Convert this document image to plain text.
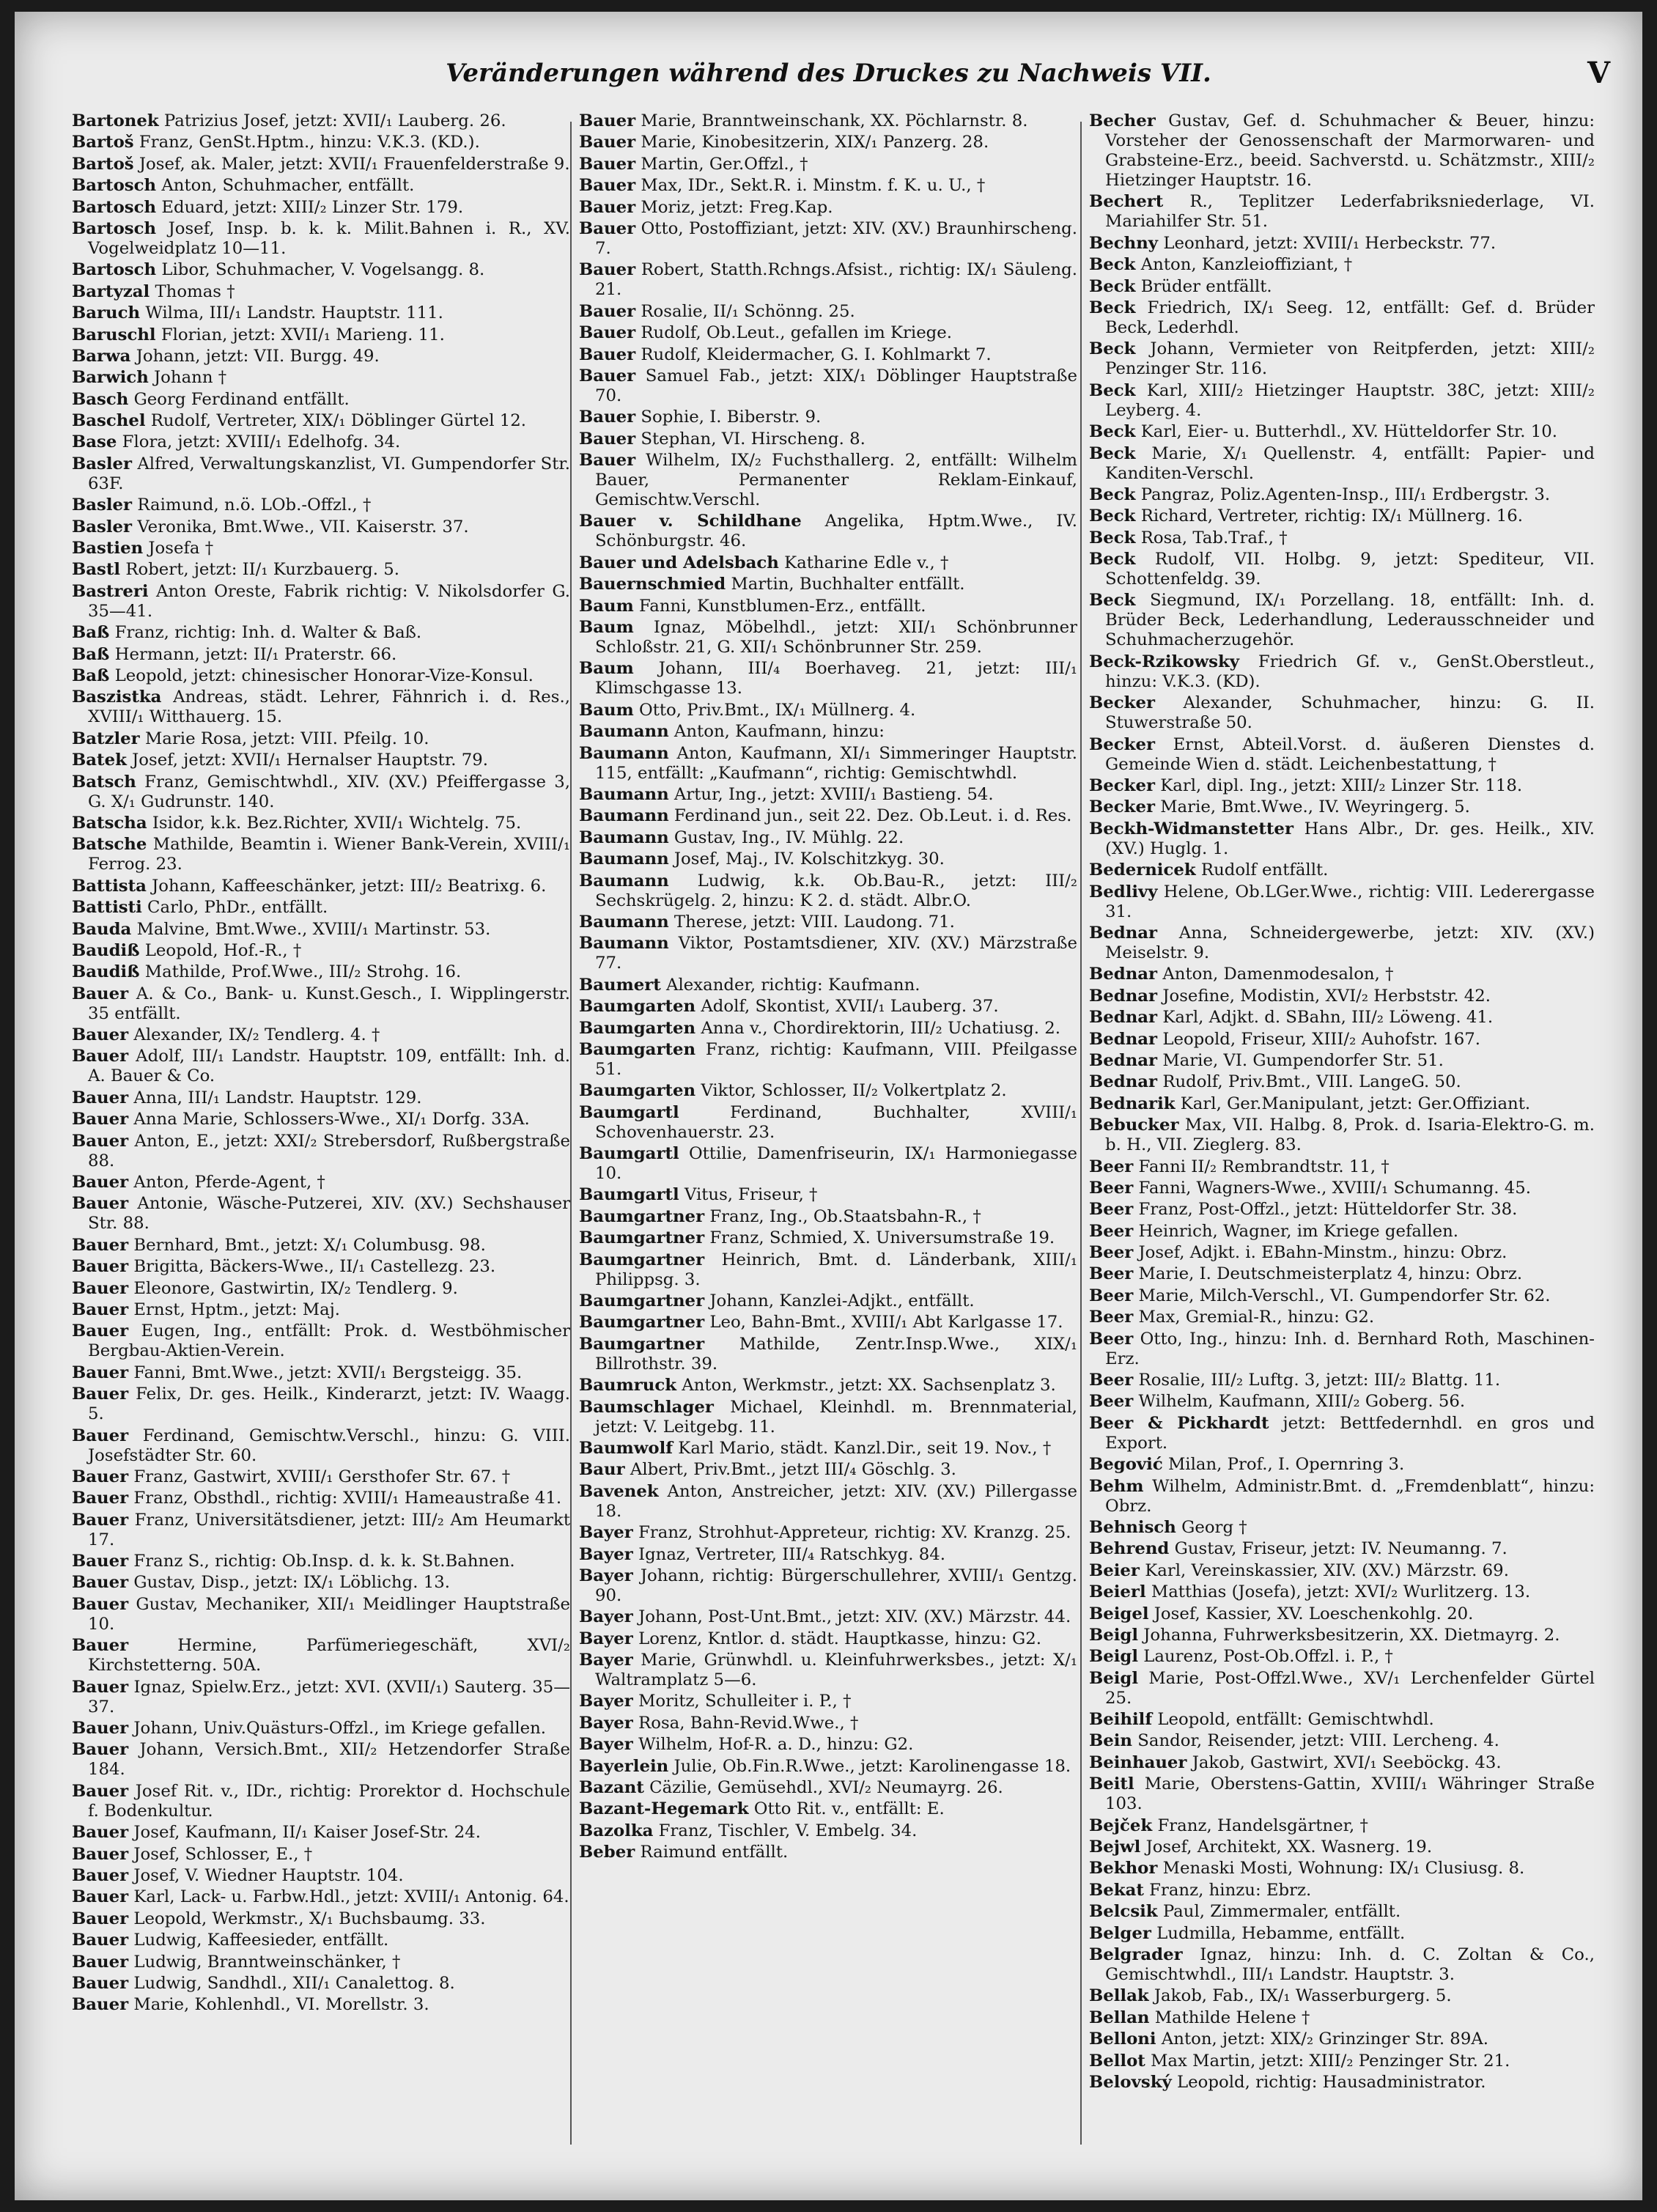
Veränderungen während des Druckes zu Nachweis VII.	V
Bartonek Patrizius Josef, jetzt: XVII/₁ Lauberg. 26.
Bartoš Franz, GenSt.Hptm., hinzu: V.K.3. (KD.).
Bartoš Josef, ak. Maler, jetzt: XVII/₁ Frauenfelderstraße 9.
Bartosch Anton, Schuhmacher, entfällt.
Bartosch Eduard, jetzt: XIII/₂ Linzer Str. 179.
Bartosch Josef, Insp. b. k. k. Milit.Bahnen i. R., XV. Vogelweidplatz 10—11.
Bartosch Libor, Schuhmacher, V. Vogelsangg. 8.
Bartyzal Thomas †
Baruch Wilma, III/₁ Landstr. Hauptstr. 111.
Baruschl Florian, jetzt: XVII/₁ Marieng. 11.
Barwa Johann, jetzt: VII. Burgg. 49.
Barwich Johann †
Basch Georg Ferdinand entfällt.
Baschel Rudolf, Vertreter, XIX/₁ Döblinger Gürtel 12.
Base Flora, jetzt: XVIII/₁ Edelhofg. 34.
Basler Alfred, Verwaltungskanzlist, VI. Gumpendorfer Str. 63F.
Basler Raimund, n.ö. LOb.-Offzl., †
Basler Veronika, Bmt.Wwe., VII. Kaiserstr. 37.
Bastien Josefa †
Bastl Robert, jetzt: II/₁ Kurzbauerg. 5.
Bastreri Anton Oreste, Fabrik richtig: V. Nikolsdorfer G. 35—41.
Baß Franz, richtig: Inh. d. Walter & Baß.
Baß Hermann, jetzt: II/₁ Praterstr. 66.
Baß Leopold, jetzt: chinesischer Honorar-Vize-Konsul.
Baszistka Andreas, städt. Lehrer, Fähnrich i. d. Res., XVIII/₁ Witthauerg. 15.
Batzler Marie Rosa, jetzt: VIII. Pfeilg. 10.
Batek Josef, jetzt: XVII/₁ Hernalser Hauptstr. 79.
Batsch Franz, Gemischtwhdl., XIV. (XV.) Pfeiffergasse 3, G. X/₁ Gudrunstr. 140.
Batscha Isidor, k.k. Bez.Richter, XVII/₁ Wichtelg. 75.
Batsche Mathilde, Beamtin i. Wiener Bank-Verein, XVIII/₁ Ferrog. 23.
Battista Johann, Kaffeeschänker, jetzt: III/₂ Beatrixg. 6.
Battisti Carlo, PhDr., entfällt.
Bauda Malvine, Bmt.Wwe., XVIII/₁ Martinstr. 53.
Baudiß Leopold, Hof.-R., †
Baudiß Mathilde, Prof.Wwe., III/₂ Strohg. 16.
Bauer A. & Co., Bank- u. Kunst.Gesch., I. Wipplingerstr. 35 entfällt.
Bauer Alexander, IX/₂ Tendlerg. 4. †
Bauer Adolf, III/₁ Landstr. Hauptstr. 109, entfällt: Inh. d. A. Bauer & Co.
Bauer Anna, III/₁ Landstr. Hauptstr. 129.
Bauer Anna Marie, Schlossers-Wwe., XI/₁ Dorfg. 33A.
Bauer Anton, E., jetzt: XXI/₂ Strebersdorf, Rußbergstraße 88.
Bauer Anton, Pferde-Agent, †
Bauer Antonie, Wäsche-Putzerei, XIV. (XV.) Sechshauser Str. 88.
Bauer Bernhard, Bmt., jetzt: X/₁ Columbusg. 98.
Bauer Brigitta, Bäckers-Wwe., II/₁ Castellezg. 23.
Bauer Eleonore, Gastwirtin, IX/₂ Tendlerg. 9.
Bauer Ernst, Hptm., jetzt: Maj.
Bauer Eugen, Ing., entfällt: Prok. d. Westböhmischer Bergbau-Aktien-Verein.
Bauer Fanni, Bmt.Wwe., jetzt: XVII/₁ Bergsteigg. 35.
Bauer Felix, Dr. ges. Heilk., Kinderarzt, jetzt: IV. Waagg. 5.
Bauer Ferdinand, Gemischtw.Verschl., hinzu: G. VIII. Josefstädter Str. 60.
Bauer Franz, Gastwirt, XVIII/₁ Gersthofer Str. 67. †
Bauer Franz, Obsthdl., richtig: XVIII/₁ Hameaustraße 41.
Bauer Franz, Universitätsdiener, jetzt: III/₂ Am Heumarkt 17.
Bauer Franz S., richtig: Ob.Insp. d. k. k. St.Bahnen.
Bauer Gustav, Disp., jetzt: IX/₁ Löblichg. 13.
Bauer Gustav, Mechaniker, XII/₁ Meidlinger Hauptstraße 10.
Bauer	Hermine, Parfümeriegeschäft, XVI/₂ Kirchstetterng. 50A.
Bauer Ignaz, Spielw.Erz., jetzt: XVI. (XVII/₁) Sauterg. 35—37.
Bauer Johann, Univ.Quästurs-Offzl., im Kriege gefallen.
Bauer Johann, Versich.Bmt., XII/₂ Hetzendorfer Straße 184.
Bauer Josef Rit. v., IDr., richtig: Prorektor d. Hochschule f. Bodenkultur.
Bauer Josef, Kaufmann, II/₁ Kaiser Josef-Str. 24.
Bauer Josef, Schlosser, E., †
Bauer Josef, V. Wiedner Hauptstr. 104.
Bauer Karl, Lack- u. Farbw.Hdl., jetzt: XVIII/₁ Antonig. 64.
Bauer Leopold, Werkmstr., X/₁ Buchsbaumg. 33.
Bauer Ludwig, Kaffeesieder, entfällt.
Bauer Ludwig, Branntweinschänker, †
Bauer Ludwig, Sandhdl., XII/₁ Canalettog. 8.
Bauer Marie, Kohlenhdl., VI. Morellstr. 3.
Bauer Marie, Branntweinschank, XX. Pöchlarnstr. 8.
Bauer Marie, Kinobesitzerin, XIX/₁ Panzerg. 28.
Bauer Martin, Ger.Offzl., †
Bauer Max, IDr., Sekt.R. i. Minstm. f. K. u. U., †
Bauer Moriz, jetzt: Freg.Kap.
Bauer Otto, Postoffiziant, jetzt: XIV. (XV.) Braunhirscheng. 7.
Bauer Robert, Statth.Rchngs.Afsist., richtig: IX/₁ Säuleng. 21.
Bauer Rosalie, II/₁ Schönng. 25.
Bauer Rudolf, Ob.Leut., gefallen im Kriege.
Bauer Rudolf, Kleidermacher, G. I. Kohlmarkt 7.
Bauer Samuel Fab., jetzt: XIX/₁ Döblinger Hauptstraße 70.
Bauer Sophie, I. Biberstr. 9.
Bauer Stephan, VI. Hirscheng. 8.
Bauer Wilhelm, IX/₂ Fuchsthallerg. 2, entfällt: Wilhelm Bauer, Permanenter Reklam-Einkauf, Gemischtw.Verschl.
Bauer v. Schildhane Angelika, Hptm.Wwe., IV. Schönburgstr. 46.
Bauer und Adelsbach Katharine Edle v., †
Bauernschmied Martin, Buchhalter entfällt.
Baum Fanni, Kunstblumen-Erz., entfällt.
Baum Ignaz, Möbelhdl., jetzt: XII/₁ Schönbrunner Schloßstr. 21, G. XII/₁ Schönbrunner Str. 259.
Baum Johann, III/₄ Boerhaveg. 21, jetzt: III/₁ Klimschgasse 13.
Baum Otto, Priv.Bmt., IX/₁ Müllnerg. 4.
Baumann Anton, Kaufmann, hinzu:
Baumann Anton, Kaufmann, XI/₁ Simmeringer Hauptstr. 115, entfällt: „Kaufmann“, richtig: Gemischtwhdl.
Baumann Artur, Ing., jetzt: XVIII/₁ Bastieng. 54.
Baumann Ferdinand jun., seit 22. Dez. Ob.Leut. i. d. Res.
Baumann Gustav, Ing., IV. Mühlg. 22.
Baumann Josef, Maj., IV. Kolschitzkyg. 30.
Baumann Ludwig, k.k. Ob.Bau-R., jetzt: III/₂ Sechskrügelg. 2, hinzu: K 2. d. städt. Albr.O.
Baumann Therese, jetzt: VIII. Laudong. 71.
Baumann Viktor, Postamtsdiener, XIV. (XV.) Märzstraße 77.
Baumert Alexander, richtig: Kaufmann.
Baumgarten Adolf, Skontist, XVII/₁ Lauberg. 37.
Baumgarten Anna v., Chordirektorin, III/₂ Uchatiusg. 2.
Baumgarten Franz, richtig: Kaufmann, VIII. Pfeilgasse 51.
Baumgarten Viktor, Schlosser, II/₂ Volkertplatz 2.
Baumgartl	Ferdinand, Buchhalter, XVIII/₁ Schovenhauerstr. 23.
Baumgartl Ottilie, Damenfriseurin, IX/₁ Harmoniegasse 10.
Baumgartl Vitus, Friseur, †
Baumgartner Franz, Ing., Ob.Staatsbahn-R., †
Baumgartner Franz, Schmied, X. Universumstraße 19.
Baumgartner Heinrich, Bmt. d. Länderbank, XIII/₁ Philippsg. 3.
Baumgartner Johann, Kanzlei-Adjkt., entfällt.
Baumgartner Leo, Bahn-Bmt., XVIII/₁ Abt Karlgasse 17.
Baumgartner Mathilde, Zentr.Insp.Wwe., XIX/₁ Billrothstr. 39.
Baumruck Anton, Werkmstr., jetzt: XX. Sachsenplatz 3.
Baumschlager Michael, Kleinhdl. m. Brennmaterial, jetzt: V. Leitgebg. 11.
Baumwolf Karl Mario, städt. Kanzl.Dir., seit 19. Nov., †
Baur Albert, Priv.Bmt., jetzt III/₄ Göschlg. 3.
Bavenek Anton, Anstreicher, jetzt: XIV. (XV.) Pillergasse 18.
Bayer Franz, Strohhut-Appreteur, richtig: XV. Kranzg. 25.
Bayer Ignaz, Vertreter, III/₄ Ratschkyg. 84.
Bayer Johann, richtig: Bürgerschullehrer, XVIII/₁ Gentzg. 90.
Bayer Johann, Post-Unt.Bmt., jetzt: XIV. (XV.) Märzstr. 44.
Bayer Lorenz, Kntlor. d. städt. Hauptkasse, hinzu: G2.
Bayer Marie, Grünwhdl. u. Kleinfuhrwerksbes., jetzt: X/₁ Waltramplatz 5—6.
Bayer Moritz, Schulleiter i. P., †
Bayer Rosa, Bahn-Revid.Wwe., †
Bayer Wilhelm, Hof-R. a. D., hinzu: G2.
Bayerlein Julie, Ob.Fin.R.Wwe., jetzt: Karolinengasse 18.
Bazant Cäzilie, Gemüsehdl., XVI/₂ Neumayrg. 26.
Bazant-Hegemark Otto Rit. v., entfällt: E.
Bazolka Franz, Tischler, V. Embelg. 34.
Beber Raimund entfällt.
Becher Gustav, Gef. d. Schuhmacher & Beuer, hinzu: Vorsteher der Genossenschaft der Marmorwaren- und Grabsteine-Erz., beeid. Sachverstd. u. Schätzmstr., XIII/₂ Hietzinger Hauptstr. 16.
Bechert R., Teplitzer Lederfabriksniederlage, VI. Mariahilfer Str. 51.
Bechny Leonhard, jetzt: XVIII/₁ Herbeckstr. 77.
Beck Anton, Kanzleioffiziant, †
Beck Brüder entfällt.
Beck Friedrich, IX/₁ Seeg. 12, entfällt: Gef. d. Brüder Beck, Lederhdl.
Beck Johann, Vermieter von Reitpferden, jetzt: XIII/₂ Penzinger Str. 116.
Beck Karl, XIII/₂ Hietzinger Hauptstr. 38C, jetzt: XIII/₂ Leyberg. 4.
Beck Karl, Eier- u. Butterhdl., XV. Hütteldorfer Str. 10.
Beck Marie, X/₁ Quellenstr. 4, entfällt: Papier- und Kanditen-Verschl.
Beck Pangraz, Poliz.Agenten-Insp., III/₁ Erdbergstr. 3.
Beck Richard, Vertreter, richtig: IX/₁ Müllnerg. 16.
Beck Rosa, Tab.Traf., †
Beck Rudolf, VII. Holbg. 9, jetzt: Spediteur, VII. Schottenfeldg. 39.
Beck Siegmund, IX/₁ Porzellang. 18, entfällt: Inh. d. Brüder Beck, Lederhandlung, Lederausschneider und Schuhmacherzugehör.
Beck-Rzikowsky Friedrich Gf. v., GenSt.Oberstleut., hinzu: V.K.3. (KD).
Becker Alexander, Schuhmacher, hinzu: G. II. Stuwerstraße 50.
Becker Ernst, Abteil.Vorst. d. äußeren Dienstes d. Gemeinde Wien d. städt. Leichenbestattung, †
Becker Karl, dipl. Ing., jetzt: XIII/₂ Linzer Str. 118.
Becker Marie, Bmt.Wwe., IV. Weyringerg. 5.
Beckh-Widmanstetter Hans Albr., Dr. ges. Heilk., XIV. (XV.) Huglg. 1.
Bedernicek Rudolf entfällt.
Bedlivy Helene, Ob.LGer.Wwe., richtig: VIII. Lederergasse 31.
Bednar Anna, Schneidergewerbe, jetzt: XIV. (XV.) Meiselstr. 9.
Bednar Anton, Damenmodesalon, †
Bednar Josefine, Modistin, XVI/₂ Herbststr. 42.
Bednar Karl, Adjkt. d. SBahn, III/₂ Löweng. 41.
Bednar Leopold, Friseur, XIII/₂ Auhofstr. 167.
Bednar Marie, VI. Gumpendorfer Str. 51.
Bednar Rudolf, Priv.Bmt., VIII. LangeG. 50.
Bednarik Karl, Ger.Manipulant, jetzt: Ger.Offiziant.
Bebucker Max, VII. Halbg. 8, Prok. d. Isaria-Elektro-G. m. b. H., VII. Zieglerg. 83.
Beer Fanni II/₂ Rembrandtstr. 11, †
Beer Fanni, Wagners-Wwe., XVIII/₁ Schumanng. 45.
Beer Franz, Post-Offzl., jetzt: Hütteldorfer Str. 38.
Beer Heinrich, Wagner, im Kriege gefallen.
Beer Josef, Adjkt. i. EBahn-Minstm., hinzu: Obrz.
Beer Marie, I. Deutschmeisterplatz 4, hinzu: Obrz.
Beer Marie, Milch-Verschl., VI. Gumpendorfer Str. 62.
Beer Max, Gremial-R., hinzu: G2.
Beer Otto, Ing., hinzu: Inh. d. Bernhard Roth, Maschinen-Erz.
Beer Rosalie, III/₂ Luftg. 3, jetzt: III/₂ Blattg. 11.
Beer Wilhelm, Kaufmann, XIII/₂ Goberg. 56.
Beer & Pickhardt jetzt: Bettfedernhdl. en gros und Export.
Begović Milan, Prof., I. Opernring 3.
Behm Wilhelm, Administr.Bmt. d. „Fremdenblatt“, hinzu: Obrz.
Behnisch Georg †
Behrend Gustav, Friseur, jetzt: IV. Neumanng. 7.
Beier Karl, Vereinskassier, XIV. (XV.) Märzstr. 69.
Beierl Matthias (Josefa), jetzt: XVI/₂ Wurlitzerg. 13.
Beigel Josef, Kassier, XV. Loeschenkohlg. 20.
Beigl Johanna, Fuhrwerksbesitzerin, XX. Dietmayrg. 2.
Beigl Laurenz, Post-Ob.Offzl. i. P., †
Beigl Marie, Post-Offzl.Wwe., XV/₁ Lerchenfelder Gürtel 25.
Beihilf Leopold, entfällt: Gemischtwhdl.
Bein Sandor, Reisender, jetzt: VIII. Lercheng. 4.
Beinhauer Jakob, Gastwirt, XVI/₁ Seeböckg. 43.
Beitl Marie, Oberstens-Gattin, XVIII/₁ Währinger Straße 103.
Bejček Franz, Handelsgärtner, †
Bejwl Josef, Architekt, XX. Wasnerg. 19.
Bekhor Menaski Mosti, Wohnung: IX/₁ Clusiusg. 8.
Bekat Franz, hinzu: Ebrz.
Belcsik Paul, Zimmermaler, entfällt.
Belger Ludmilla, Hebamme, entfällt.
Belgrader Ignaz, hinzu: Inh. d. C. Zoltan & Co., Gemischtwhdl., III/₁ Landstr. Hauptstr. 3.
Bellak Jakob, Fab., IX/₁ Wasserburgerg. 5.
Bellan Mathilde Helene †
Belloni Anton, jetzt: XIX/₂ Grinzinger Str. 89A.
Bellot Max Martin, jetzt: XIII/₂ Penzinger Str. 21.
Belovský Leopold, richtig: Hausadministrator.
